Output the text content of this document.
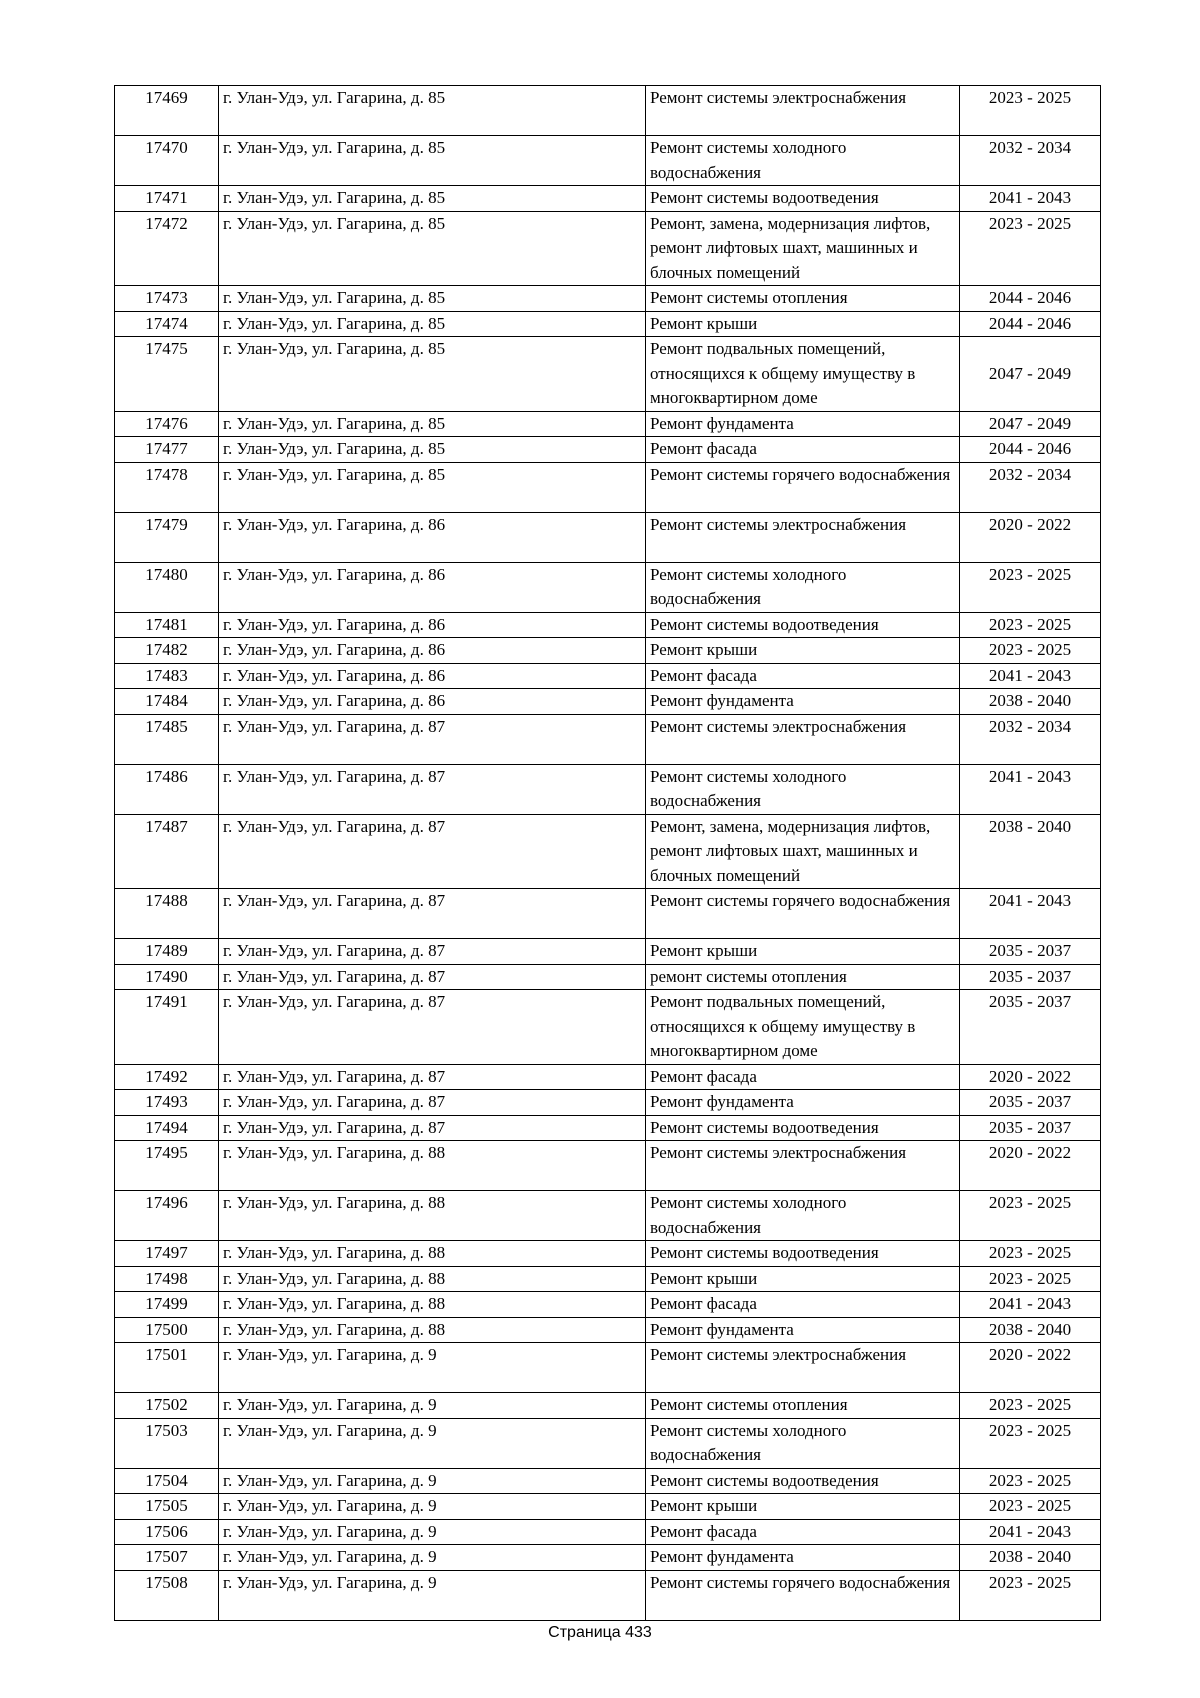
17469	г. Улан-Удэ, ул. Гагарина, д. 85	Ремонт системы электроснабжения	2023 - 2025
17470	г. Улан-Удэ, ул. Гагарина, д. 85	Ремонт системы холодного водоснабжения	2032 - 2034
17471	г. Улан-Удэ, ул. Гагарина, д. 85	Ремонт системы водоотведения	2041 - 2043
17472	г. Улан-Удэ, ул. Гагарина, д. 85	Ремонт, замена, модернизация лифтов, ремонт лифтовых шахт, машинных и блочных помещений	2023 - 2025
17473	г. Улан-Удэ, ул. Гагарина, д. 85	Ремонт системы отопления	2044 - 2046
17474	г. Улан-Удэ, ул. Гагарина, д. 85	Ремонт крыши	2044 - 2046
17475	г. Улан-Удэ, ул. Гагарина, д. 85	Ремонт подвальных помещений, относящихся к общему имуществу в многоквартирном доме	2047 - 2049
17476	г. Улан-Удэ, ул. Гагарина, д. 85	Ремонт фундамента	2047 - 2049
17477	г. Улан-Удэ, ул. Гагарина, д. 85	Ремонт фасада	2044 - 2046
17478	г. Улан-Удэ, ул. Гагарина, д. 85	Ремонт системы горячего водоснабжения	2032 - 2034
17479	г. Улан-Удэ, ул. Гагарина, д. 86	Ремонт системы электроснабжения	2020 - 2022
17480	г. Улан-Удэ, ул. Гагарина, д. 86	Ремонт системы холодного водоснабжения	2023 - 2025
17481	г. Улан-Удэ, ул. Гагарина, д. 86	Ремонт системы водоотведения	2023 - 2025
17482	г. Улан-Удэ, ул. Гагарина, д. 86	Ремонт крыши	2023 - 2025
17483	г. Улан-Удэ, ул. Гагарина, д. 86	Ремонт фасада	2041 - 2043
17484	г. Улан-Удэ, ул. Гагарина, д. 86	Ремонт фундамента	2038 - 2040
17485	г. Улан-Удэ, ул. Гагарина, д. 87	Ремонт системы электроснабжения	2032 - 2034
17486	г. Улан-Удэ, ул. Гагарина, д. 87	Ремонт системы холодного водоснабжения	2041 - 2043
17487	г. Улан-Удэ, ул. Гагарина, д. 87	Ремонт, замена, модернизация лифтов, ремонт лифтовых шахт, машинных и блочных помещений	2038 - 2040
17488	г. Улан-Удэ, ул. Гагарина, д. 87	Ремонт системы горячего водоснабжения	2041 - 2043
17489	г. Улан-Удэ, ул. Гагарина, д. 87	Ремонт крыши	2035 - 2037
17490	г. Улан-Удэ, ул. Гагарина, д. 87	ремонт системы отопления	2035 - 2037
17491	г. Улан-Удэ, ул. Гагарина, д. 87	Ремонт подвальных помещений, относящихся к общему имуществу в многоквартирном доме	2035 - 2037
17492	г. Улан-Удэ, ул. Гагарина, д. 87	Ремонт фасада	2020 - 2022
17493	г. Улан-Удэ, ул. Гагарина, д. 87	Ремонт фундамента	2035 - 2037
17494	г. Улан-Удэ, ул. Гагарина, д. 87	Ремонт системы водоотведения	2035 - 2037
17495	г. Улан-Удэ, ул. Гагарина, д. 88	Ремонт системы электроснабжения	2020 - 2022
17496	г. Улан-Удэ, ул. Гагарина, д. 88	Ремонт системы холодного водоснабжения	2023 - 2025
17497	г. Улан-Удэ, ул. Гагарина, д. 88	Ремонт системы водоотведения	2023 - 2025
17498	г. Улан-Удэ, ул. Гагарина, д. 88	Ремонт крыши	2023 - 2025
17499	г. Улан-Удэ, ул. Гагарина, д. 88	Ремонт фасада	2041 - 2043
17500	г. Улан-Удэ, ул. Гагарина, д. 88	Ремонт фундамента	2038 - 2040
17501	г. Улан-Удэ, ул. Гагарина, д. 9	Ремонт системы электроснабжения	2020 - 2022
17502	г. Улан-Удэ, ул. Гагарина, д. 9	Ремонт системы отопления	2023 - 2025
17503	г. Улан-Удэ, ул. Гагарина, д. 9	Ремонт системы холодного водоснабжения	2023 - 2025
17504	г. Улан-Удэ, ул. Гагарина, д. 9	Ремонт системы водоотведения	2023 - 2025
17505	г. Улан-Удэ, ул. Гагарина, д. 9	Ремонт крыши	2023 - 2025
17506	г. Улан-Удэ, ул. Гагарина, д. 9	Ремонт фасада	2041 - 2043
17507	г. Улан-Удэ, ул. Гагарина, д. 9	Ремонт фундамента	2038 - 2040
17508	г. Улан-Удэ, ул. Гагарина, д. 9	Ремонт системы горячего водоснабжения	2023 - 2025
Страница 433
